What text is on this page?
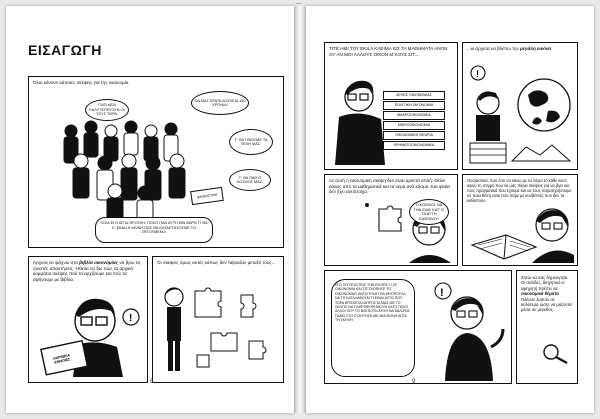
—
ΕΙΣΑΓΩΓΗ
Όλοι κάνουν κάποιες σκέψεις για την οικονομία.
ΓΙΑΤΙ ΔΕΝ ΚΑΛΥΤΕΡΕΥΟΥΝ ΟΙ ΤΟΥΣ ΤΩΡΑ;
ΘΑ ΜΑΣ ΚΡΑΤΑ ΔΟΥΛΕΙΑ 150 ΧΡΟΝΙΑ!
Τ' ΘΑ ΓΙΝΟΥΜΕ ΤΑ ΤΕΛΗ ΜΑΣ;
Τ' ΘΑ ΠΑΘ Ο ΚΟΣΜΟΣ ΜΑΣ;
ΔΙΚΑΙΟΣΥΝΗ
ΠΟΙΑ ΕΙ Η ΑΙΤΙΑ ΘΡΟΥΛΗ; ΠΟΣΟ ΠΑΝ ΑΥΤΗ ΒΙΝ ΒΑΡΝ ΤΙ ΘΑ Κ, ΕΙΝΑΙ Η ΜΟΝΗ ΠΩΣ ΘΑ ΚΑΤΑΚΤΗΣΟΥΜΕ ΤΟ ΖΗΤΟΥΜΕΝΟ;
Άρχισα να ψάχνω στα βιβλία οικονομίας να βρω τις σωστές απαντήσεις. Ήθελα να δω πώς τα αρχικά κομμάτια σκέψης πού τα αρχίζουμε και πού τα αφήνουμε με βιβλία.
!
ΑΚΡΙΒΕΙΑ ΕΝΝΟΙΕΣ
Οι σκέψεις όμως αυτές κάπως δεν ταίριαζαν μεταξύ τους...
8
ΤΙΤΕ ΗΜΙ ΤΟΥ ΕΚΔ Λ ΚΛΕΙΜΑ ΕΙΣ ΤΑ ΜΑΘΗΜΑΤΑ ΑΝΟΝ ΟΥ ΑΝ ΜΟΙ ΑΛΛΟΥΣ ΟΙΚΟΝ Μ ΚΟΥΣ ΣΙΤ....
ΑΡΧΕΣ ΟΙΚΟΝΟΜΙΑΣ
ΠΟΛΙΤΙΚΗ ΟΙΚΟΝΟΜΙΑ
ΜΑΚΡΟΟΙΚΟΝΟΜΙΑ
ΜΙΚΡΟΟΙΚΟΝΟΜΙΑ
ΟΙΚΟΝΟΜΙΚΗ ΘΕΩΡΙΑ
ΧΡΗΜΑΤΟΟΙΚΟΝΟΜΙΚΑ
...κι άρχισα να βλέπω την μεγάλη εικόνα
!
Ξε αυτή η οικονομική σκέψη δεν είναι αρκετά απλή. Θέλει κάνεις από τα μαθηματικά και τα νερά ανά κόσμο. Και φταίει δεν έχει αντίστοιχα.
Ο ΚΟΣΜΟΣ ΘΑ ΤΗΝ ΕΙΔΕ ΚΑΤ' ΙΣ ΤΑ ΑΥΤΗ ΚΑΘΟΛΟΥ!
Ουσιαστικά, πού έτσι να κάνω με τα λόγια το κάθε κενό, αφού τη στιγμή που να μας πάρει σκέψεις για να βγει και τους πραγματικά που έχουμε και να τους παρατηρήσουμε σε ποια θέση είναι που πάμε με κουβέντες που δεν τα καθιστούν.
ΕΓΩ ΠΙΣΤΕΥΩ ΠΩΣ ΤΗΝ ΕΙΣΟΡΑ ΤΙ ΖΕ ΟΙΚΟΝΟΜΙΑ ΚΑΙ ΤΙΣ ΣΚΟΠΗΣΕ ΤΙΣ ΟΙΚΟΝΟΜΙΑΣ ΑΝΤΙΣΤΟΙΧΗ ΘΑ ΜΠΟΡΟΥΣΑ ΝΑ ΤΗ ΚΑΤΑΛΑΒΟΥΜ ΤΙ ΕΙΝΑΙ ΑΥΤΟ ΠΟΥ ΤΩΡΑ ΒΡΙΣΚΕΤΑΙ ΜΠΡΟΣΤΑ ΜΑΣ ΜΕ ΤΟ ΣΚΟΠΟ ΝΑ ΠΛΗΡΟΦΟΡΗΘΟΥΝ ΚΑΤΟ ΠΟΙΟΙ ΑΛΛΟΙ ΠΟΥ ΤΟ ΒΛΕΠΟΥΝ ΑΡΧΗ ΝΑ ΒΑΛΟΥΜ ΠΑΝΩ ΣΤΗ ΣΥΖΗΤΗΣΗ ΜΕ ΜΙΑ ΜΟΝΗ ΑΙΤΙΑ ΤΗ ΣΚΕΨΗ.
!
Ζητώ να σας δημιουργία. Οι σελίδες, διηγητικό κι αφηγητή πρέπει να οικονομικά θέματα Πλέουν λοιπόν σε καλύτερα ώστε να μαζευτεί μέσα σε μέγεθος.
9
